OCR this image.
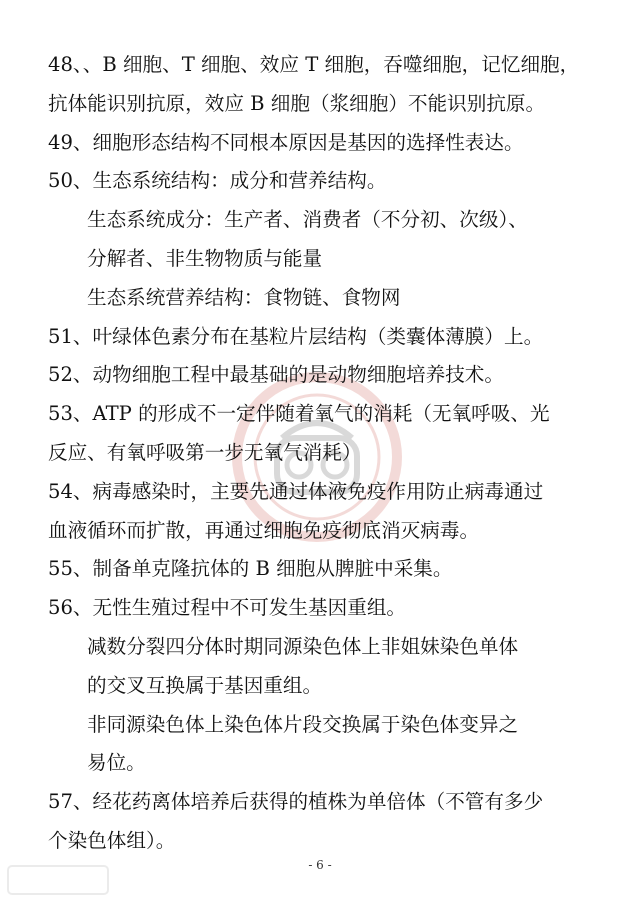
48、、B 细胞、T 细胞、效应 T 细胞，吞噬细胞，记忆细胞，
抗体能识别抗原，效应 B 细胞（浆细胞）不能识别抗原。

49、细胞形态结构不同根本原因是基因的选择性表达。

50、生态系统结构：成分和营养结构。

生态系统成分：生产者、消费者（不分初、次级）、
分解者、非生物物质与能量

生态系统营养结构：食物链、食物网

51、叶绿体色素分布在基粒片层结构（类囊体薄膜）上。

52、动物细胞工程中最基础的是动物细胞培养技术。

53、ATP 的形成不一定伴随着氧气的消耗（无氧呼吸、光
反应、有氧呼吸第一步无氧气消耗）

54、病毒感染时，主要先通过体液免疫作用防止病毒通过
血液循环而扩散，再通过细胞免疫彻底消灭病毒。

55、制备单克隆抗体的 B 细胞从脾脏中采集。

56、无性生殖过程中不可发生基因重组。

减数分裂四分体时期同源染色体上非姐妹染色单体
的交叉互换属于基因重组。

非同源染色体上染色体片段交换属于染色体变异之
易位。

57、经花药离体培养后获得的植株为单倍体（不管有多少
个染色体组）。

- 6 -
